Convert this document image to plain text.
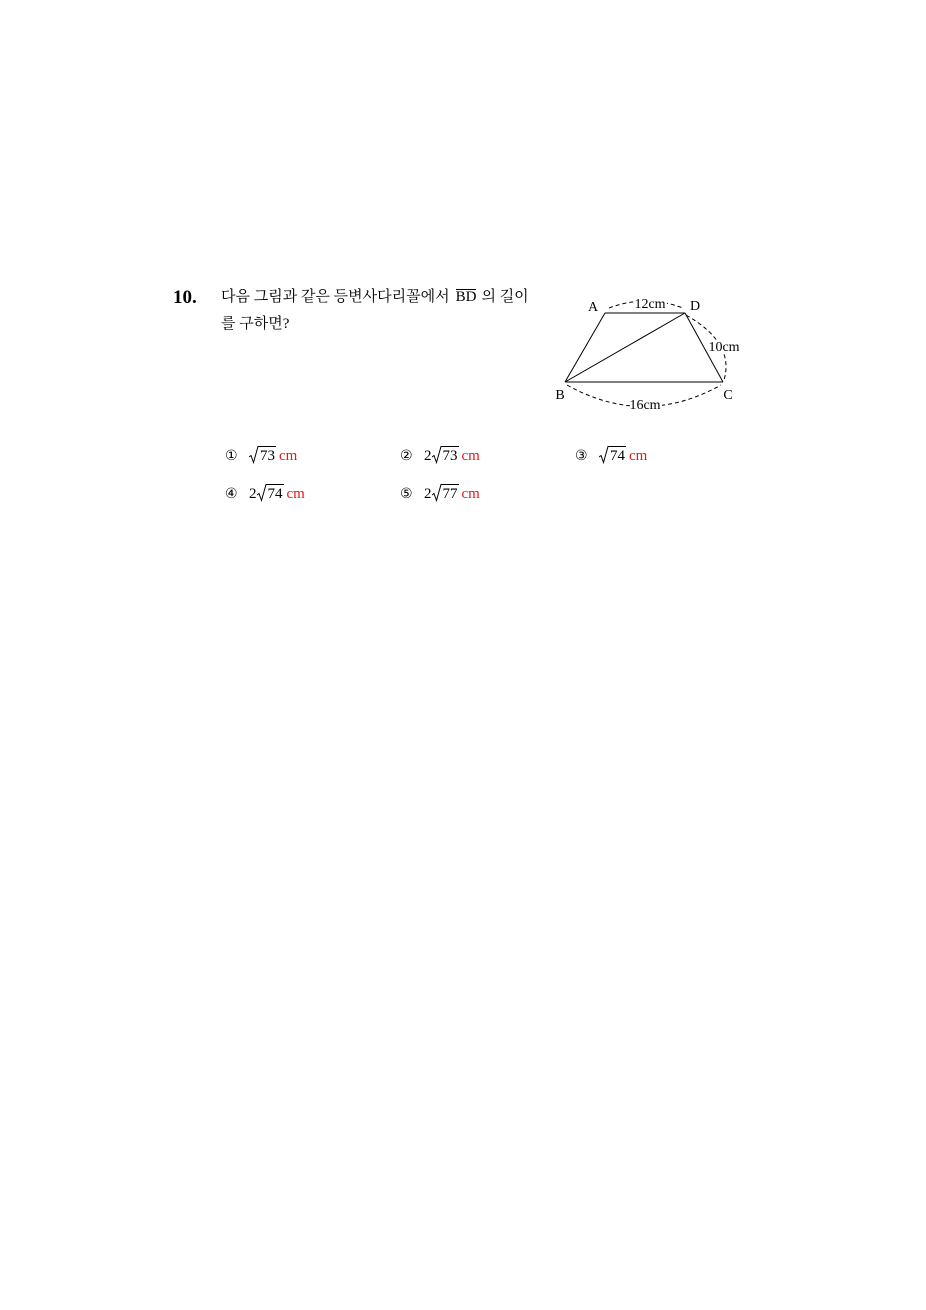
10. 다음 그림과 같은 등변사다리꼴에서 BD 의 길이
를 구하면?
A	D
B	C
12cm
10cm
16cm
①	73 cm	② 2 73 cm	③	74 cm
④ 2 74 cm	⑤ 2 77 cm
